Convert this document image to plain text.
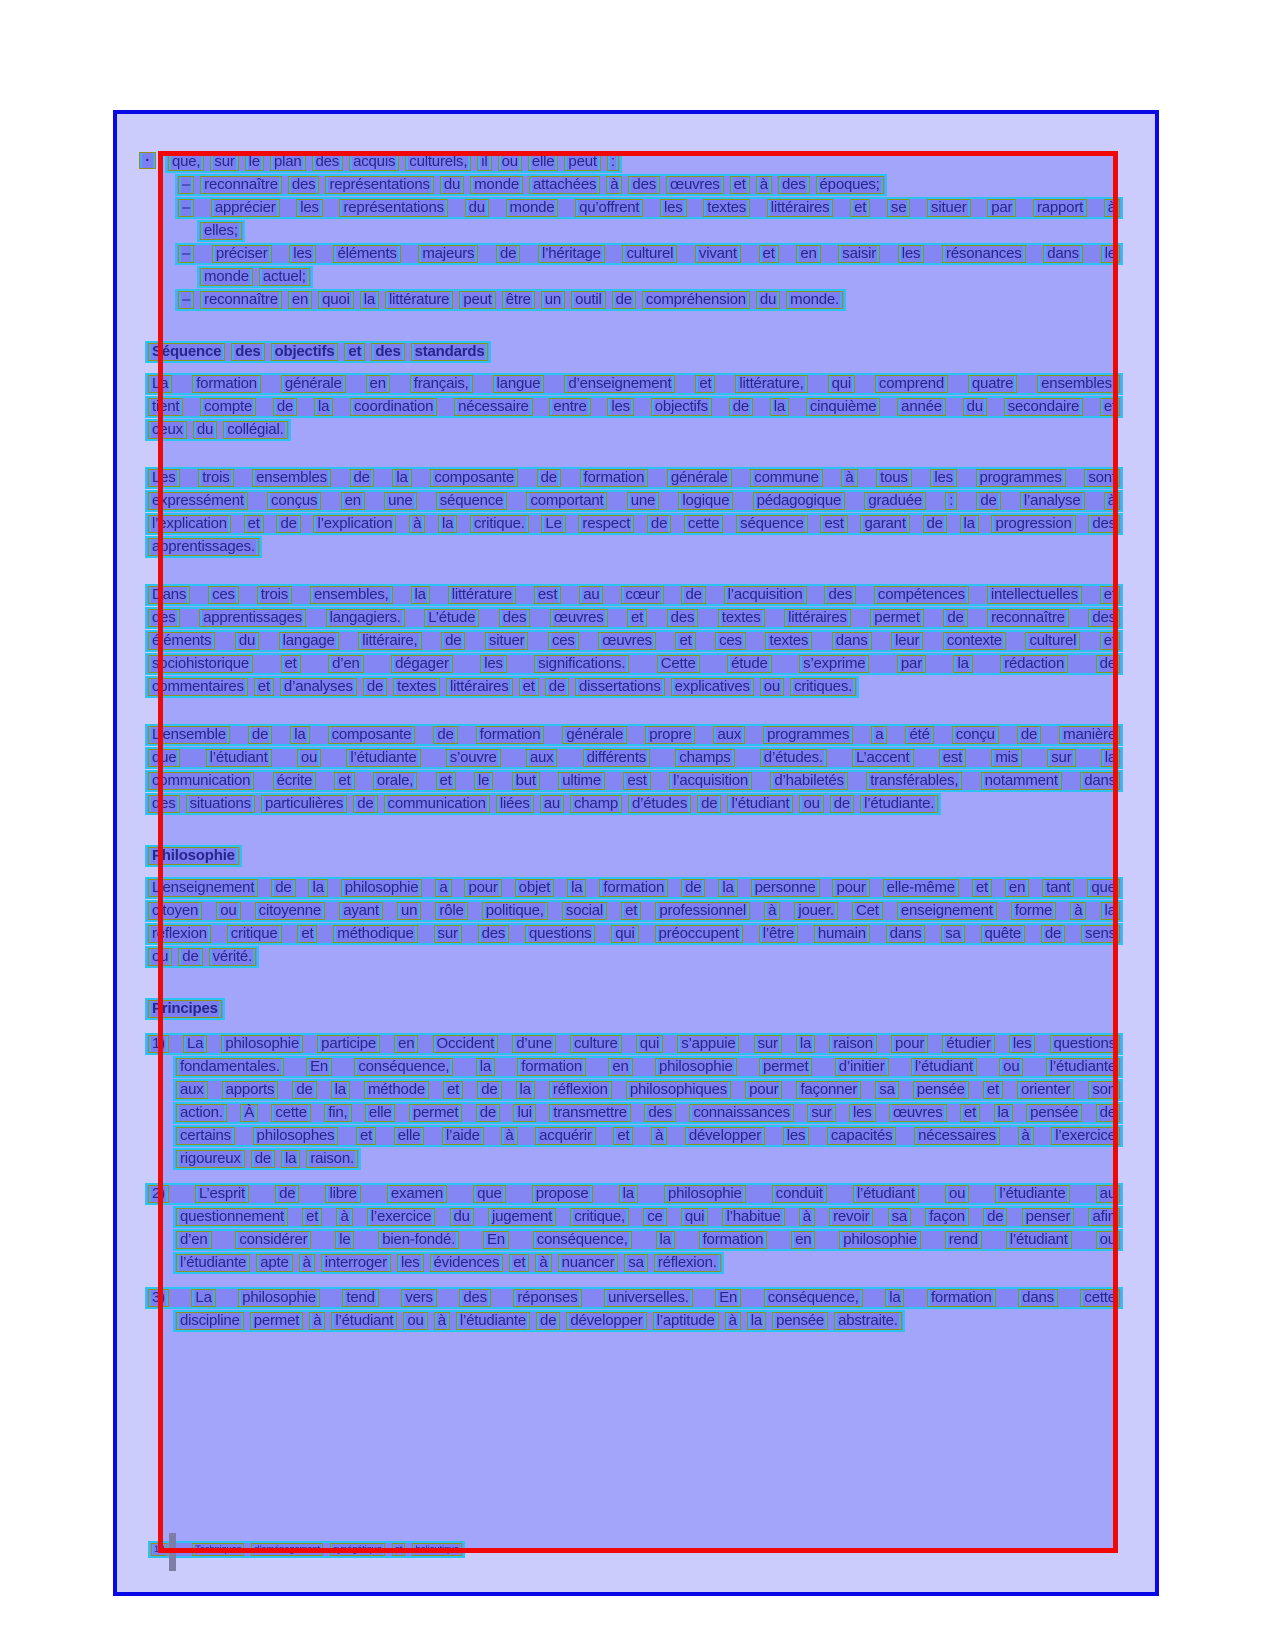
·	que, sur le plan des acquis culturels, il ou elle peut :
– reconnaître des représentations du monde attachées à des œuvres et à des époques;
– apprécier les représentations du monde qu’offrent les textes littéraires et se situer par rapport à
elles;
– préciser les éléments majeurs de l’héritage culturel vivant et en saisir les résonances dans le
monde actuel;
– reconnaître en quoi la littérature peut être un outil de compréhension du monde.
Séquence des objectifs et des standards
La formation générale en français, langue d’enseignement et littérature, qui comprend quatre ensembles,
tient compte de la coordination nécessaire entre les objectifs de la cinquième année du secondaire et
ceux du collégial.
Les trois ensembles de la composante de formation générale commune à tous les programmes sont
expressément conçus en une séquence comportant une logique pédagogique graduée : de l’analyse à
l’explication et de l’explication à la critique. Le respect de cette séquence est garant de la progression des
apprentissages.
Dans ces trois ensembles, la littérature est au cœur de l’acquisition des compétences intellectuelles et
des apprentissages langagiers. L’étude des œuvres et des textes littéraires permet de reconnaître des
éléments du langage littéraire, de situer ces œuvres et ces textes dans leur contexte culturel et
sociohistorique et d’en dégager les significations. Cette étude s’exprime par la rédaction de
commentaires et d’analyses de textes littéraires et de dissertations explicatives ou critiques.
L’ensemble de la composante de formation générale propre aux programmes a été conçu de manière
que l’étudiant ou l’étudiante s’ouvre aux différents champs d’études. L’accent est mis sur la
communication écrite et orale, et le but ultime est l’acquisition d’habiletés transférables, notamment dans
des situations particulières de communication liées au champ d’études de l’étudiant ou de l’étudiante.
Philosophie
L’enseignement de la philosophie a pour objet la formation de la personne pour elle-même et en tant que
citoyen ou citoyenne ayant un rôle politique, social et professionnel à jouer. Cet enseignement forme à la
réflexion critique et méthodique sur des questions qui préoccupent l’être humain dans sa quête de sens
ou de vérité.
Principes
1) La philosophie participe en Occident d’une culture qui s’appuie sur la raison pour étudier les questions
fondamentales. En conséquence, la formation en philosophie permet d’initier l’étudiant ou l’étudiante
aux apports de la méthode et de la réflexion philosophiques pour façonner sa pensée et orienter son
action. À cette fin, elle permet de lui transmettre des connaissances sur les œuvres et la pensée de
certains philosophes et elle l’aide à acquérir et à développer les capacités nécessaires à l’exercice
rigoureux de la raison.
2) L’esprit de libre examen que propose la philosophie conduit l’étudiant ou l’étudiante au
questionnement et à l’exercice du jugement critique, ce qui l’habitue à revoir sa façon de penser afin
d’en considérer le bien-fondé. En conséquence, la formation en philosophie rend l’étudiant ou
l’étudiante apte à interroger les évidences et à nuancer sa réflexion.
3) La philosophie tend vers des réponses universelles. En conséquence, la formation dans cette
discipline permet à l’étudiant ou à l’étudiante de développer l’aptitude à la pensée abstraite.
12	Techniques	d’aménagement	cynégétique	et	halieutique
